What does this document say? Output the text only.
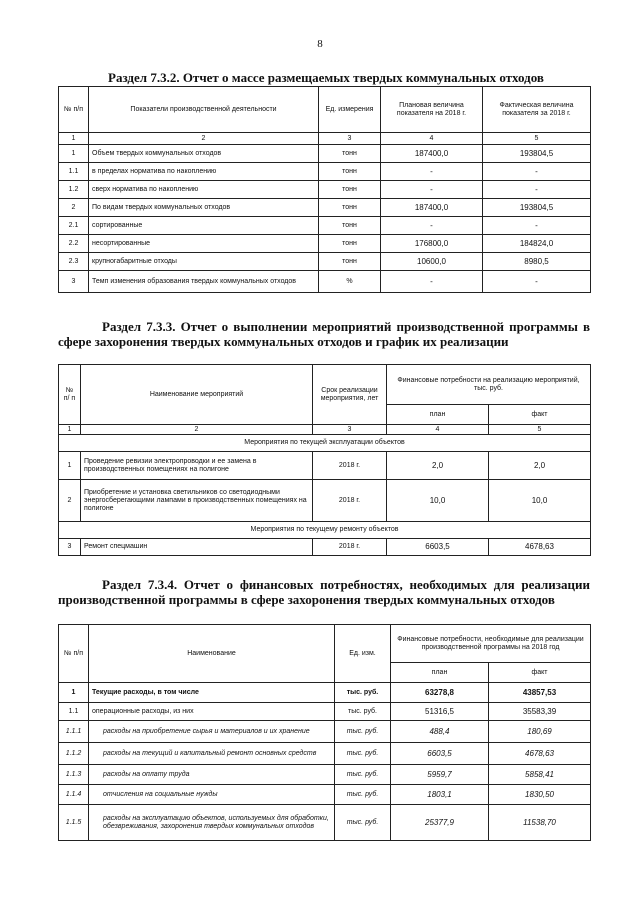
8
Раздел 7.3.2. Отчет о массе размещаемых твердых коммунальных отходов
№ п/п	Показатели производственной деятельности	Ед. измерения	Плановая величина показателя на 2018 г.	Фактическая величина показателя за 2018 г.
1	2	3	4	5
1	Объем твердых коммунальных отходов	тонн	187400,0	193804,5
1.1	в пределах норматива по накоплению	тонн	-	-
1.2	сверх норматива по накоплению	тонн	-	-
2	По видам твердых коммунальных отходов	тонн	187400,0	193804,5
2.1	сортированные	тонн	-	-
2.2	несортированные	тонн	176800,0	184824,0
2.3	крупногабаритные отходы	тонн	10600,0	8980,5
3	Темп изменения образования твердых коммунальных отходов	%	-	-
Раздел 7.3.3. Отчет о выполнении мероприятий производственной программы в сфере захоронения твердых коммунальных отходов и график их реализации
№ п/ п	Наименование мероприятий	Срок реализации мероприятия, лет	Финансовые потребности на реализацию мероприятий, тыс. руб.	
			план	факт
1	2	3	4	5
Мероприятия по текущей эксплуатации объектов				
1	Проведение ревизии электропроводки и ее замена в производственных помещениях на полигоне	2018 г.	2,0	2,0
2	Приобретение и установка светильников со светодиодными энергосберегающими лампами в производственных помещениях на полигоне	2018 г.	10,0	10,0
Мероприятия по текущему ремонту объектов				
3	Ремонт спецмашин	2018 г.	6603,5	4678,63
Раздел 7.3.4. Отчет о финансовых потребностях, необходимых для реализации производственной программы в сфере захоронения твердых коммунальных отходов
№ п/п	Наименование	Ед. изм.	Финансовые потребности, необходимые для реализации производственной программы на 2018 год	
			план	факт
1	Текущие расходы, в том числе	тыс. руб.	63278,8	43857,53
1.1	операционные расходы, из них	тыс. руб.	51316,5	35583,39
1.1.1	расходы на приобретение сырья и материалов и их хранение	тыс. руб.	488,4	180,69
1.1.2	расходы на текущий и капитальный ремонт основных средств	тыс. руб.	6603,5	4678,63
1.1.3	расходы на оплату труда	тыс. руб.	5959,7	5858,41
1.1.4	отчисления на социальные нужды	тыс. руб.	1803,1	1830,50
1.1.5	расходы на эксплуатацию объектов, используемых для обработки, обезвреживания, захоронения твердых коммунальных отходов	тыс. руб.	25377,9	11538,70
